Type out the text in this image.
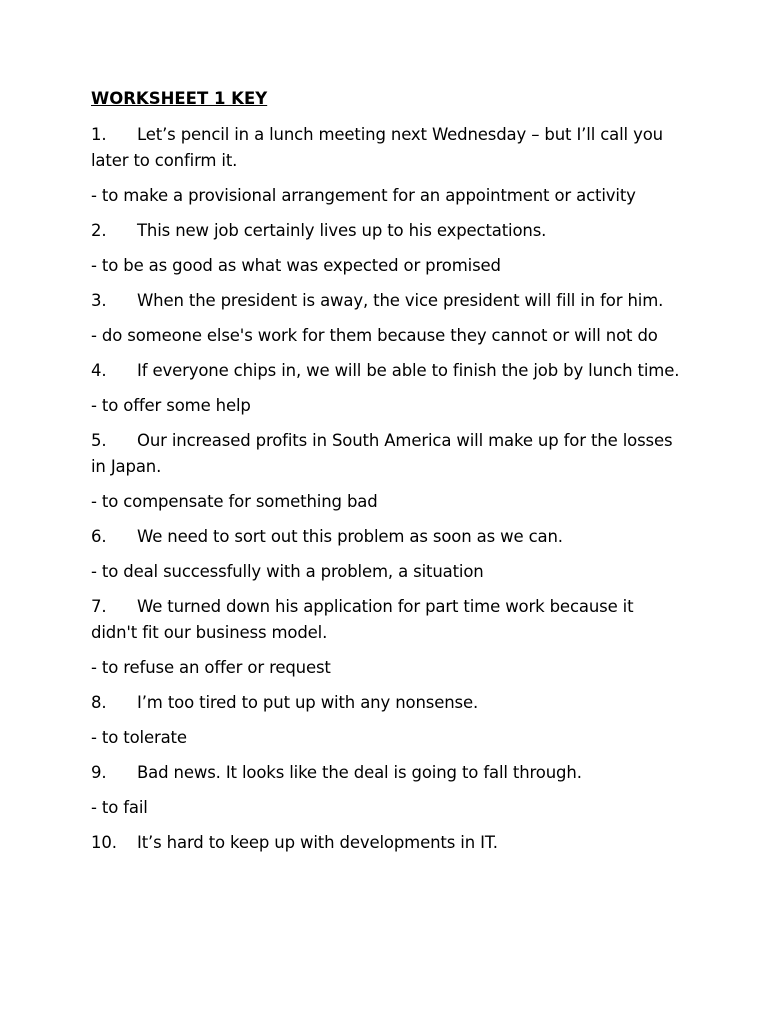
WORKSHEET 1 KEY
1. Let’s pencil in a lunch meeting next Wednesday – but I’ll call you later to confirm it.
- to make a provisional arrangement for an appointment or activity
2. This new job certainly lives up to his expectations.
- to be as good as what was expected or promised
3. When the president is away, the vice president will fill in for him.
- do someone else's work for them because they cannot or will not do
4. If everyone chips in, we will be able to finish the job by lunch time.
- to offer some help
5. Our increased profits in South America will make up for the losses in Japan.
- to compensate for something bad
6. We need to sort out this problem as soon as we can.
- to deal successfully with a problem, a situation
7. We turned down his application for part time work because it didn't fit our business model.
- to refuse an offer or request
8. I’m too tired to put up with any nonsense.
- to tolerate
9. Bad news. It looks like the deal is going to fall through.
- to fail
10. It’s hard to keep up with developments in IT.
